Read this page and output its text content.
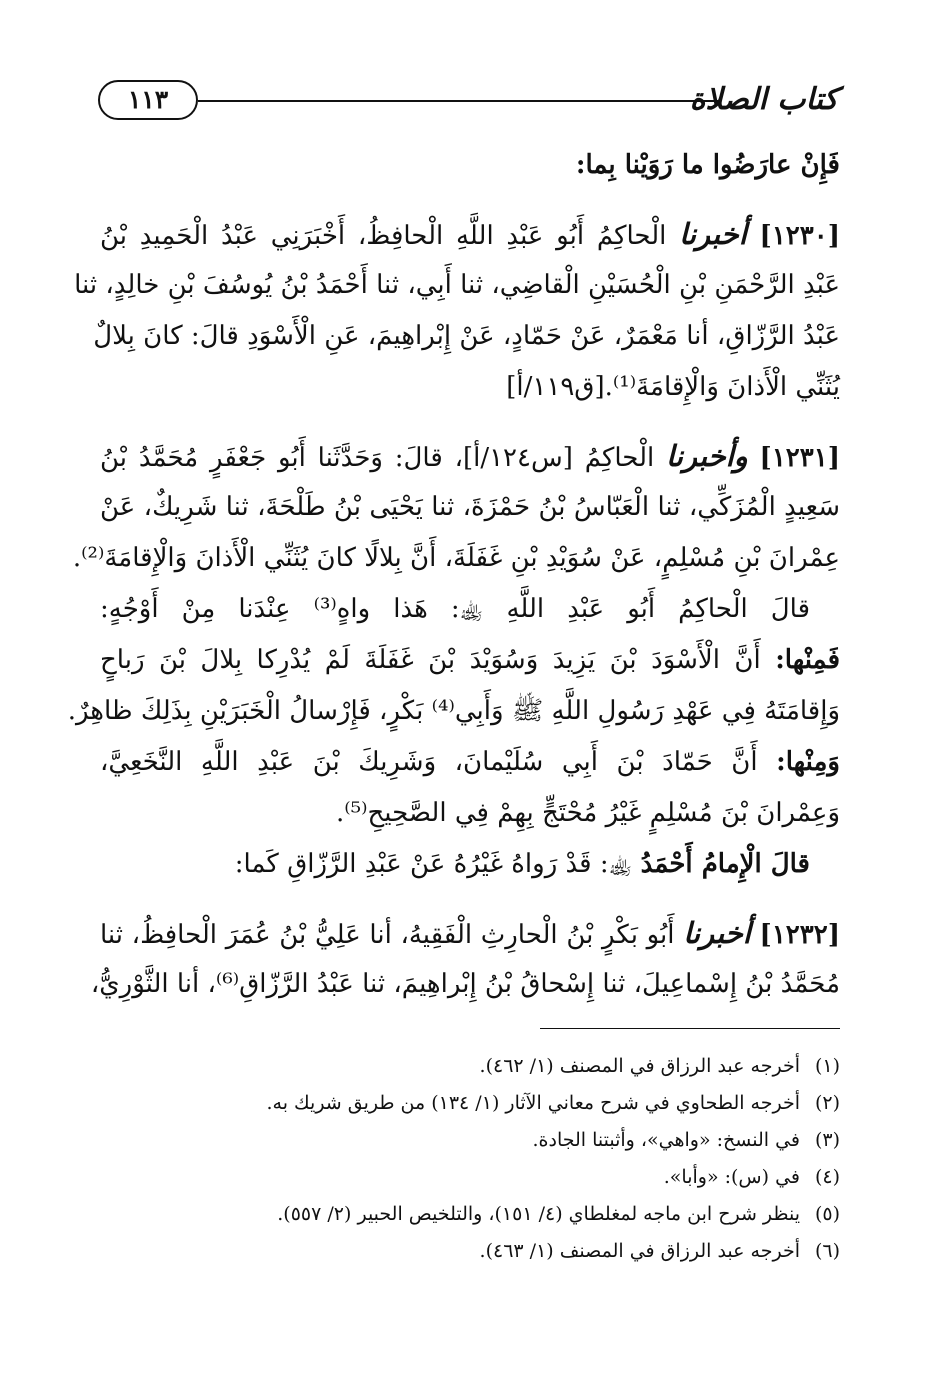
كتاب الصلاة
١١٣
فَإِنْ عارَضُوا ما رَوَيْنا بِما:
[١٢٣٠] أخبرنا الْحاكِمُ أَبُو عَبْدِ اللَّهِ الْحافِظُ، أَخْبَرَنِي عَبْدُ الْحَمِيدِ بْنُ
عَبْدِ الرَّحْمَنِ بْنِ الْحُسَيْنِ الْقاضِي، ثنا أَبِي، ثنا أَحْمَدُ بْنُ يُوسُفَ بْنِ خالِدٍ، ثنا
عَبْدُ الرَّزّاقِ، أنا مَعْمَرٌ، عَنْ حَمّادٍ، عَنْ إِبْراهِيمَ، عَنِ الْأَسْوَدِ قالَ: كانَ بِلالٌ
يُثَنِّي الْأَذانَ وَالْإِقامَةَ⁽¹⁾.[ق١١٩/أ]
[١٢٣١] وأخبرنا الْحاكِمُ [س١٢٤/أ]، قالَ: وَحَدَّثَنا أَبُو جَعْفَرٍ مُحَمَّدُ بْنُ
سَعِيدٍ الْمُزَكِّي، ثنا الْعَبّاسُ بْنُ حَمْزَةَ، ثنا يَحْيَى بْنُ طَلْحَةَ، ثنا شَرِيكٌ، عَنْ
عِمْرانَ بْنِ مُسْلِمٍ، عَنْ سُوَيْدِ بْنِ غَفَلَةَ، أَنَّ بِلالًا كانَ يُثَنِّي الْأَذانَ وَالْإِقامَةَ⁽²⁾.
قالَ الْحاكِمُ أَبُو عَبْدِ اللَّهِ ﵀: هَذا واهٍ⁽³⁾ عِنْدَنا مِنْ أَوْجُهٍ:
فَمِنْها: أَنَّ الْأَسْوَدَ بْنَ يَزِيدَ وَسُوَيْدَ بْنَ غَفَلَةَ لَمْ يُدْرِكا بِلالَ بْنَ رَباحٍ
وَإِقامَتَهُ فِي عَهْدِ رَسُولِ اللَّهِ ﷺ وَأَبِي⁽⁴⁾ بَكْرٍ، فَإِرْسالُ الْخَبَرَيْنِ بِذَلِكَ ظاهِرٌ.
وَمِنْها: أَنَّ حَمّادَ بْنَ أَبِي سُلَيْمانَ، وَشَرِيكَ بْنَ عَبْدِ اللَّهِ النَّخَعِيَّ،
وَعِمْرانَ بْنَ مُسْلِمٍ غَيْرُ مُحْتَجٍّ بِهِمْ فِي الصَّحِيحِ⁽⁵⁾.
قالَ الْإِمامُ أَحْمَدُ ﵀: قَدْ رَواهُ غَيْرُهُ عَنْ عَبْدِ الرَّزّاقِ كَما:
[١٢٣٢] أخبرنا أَبُو بَكْرٍ بْنُ الْحارِثِ الْفَقِيهُ، أنا عَلِيُّ بْنُ عُمَرَ الْحافِظُ، ثنا
مُحَمَّدُ بْنُ إِسْماعِيلَ، ثنا إِسْحاقُ بْنُ إِبْراهِيمَ، ثنا عَبْدُ الرَّزّاقِ⁽⁶⁾، أنا الثَّوْرِيُّ،
(١)أخرجه عبد الرزاق في المصنف (١/ ٤٦٢).
(٢)أخرجه الطحاوي في شرح معاني الآثار (١/ ١٣٤) من طريق شريك به.
(٣)في النسخ: «واهي»، وأثبتنا الجادة.
(٤)في (س): «وأبا».
(٥)ينظر شرح ابن ماجه لمغلطاي (٤/ ١٥١)، والتلخيص الحبير (٢/ ٥٥٧).
(٦)أخرجه عبد الرزاق في المصنف (١/ ٤٦٣).
